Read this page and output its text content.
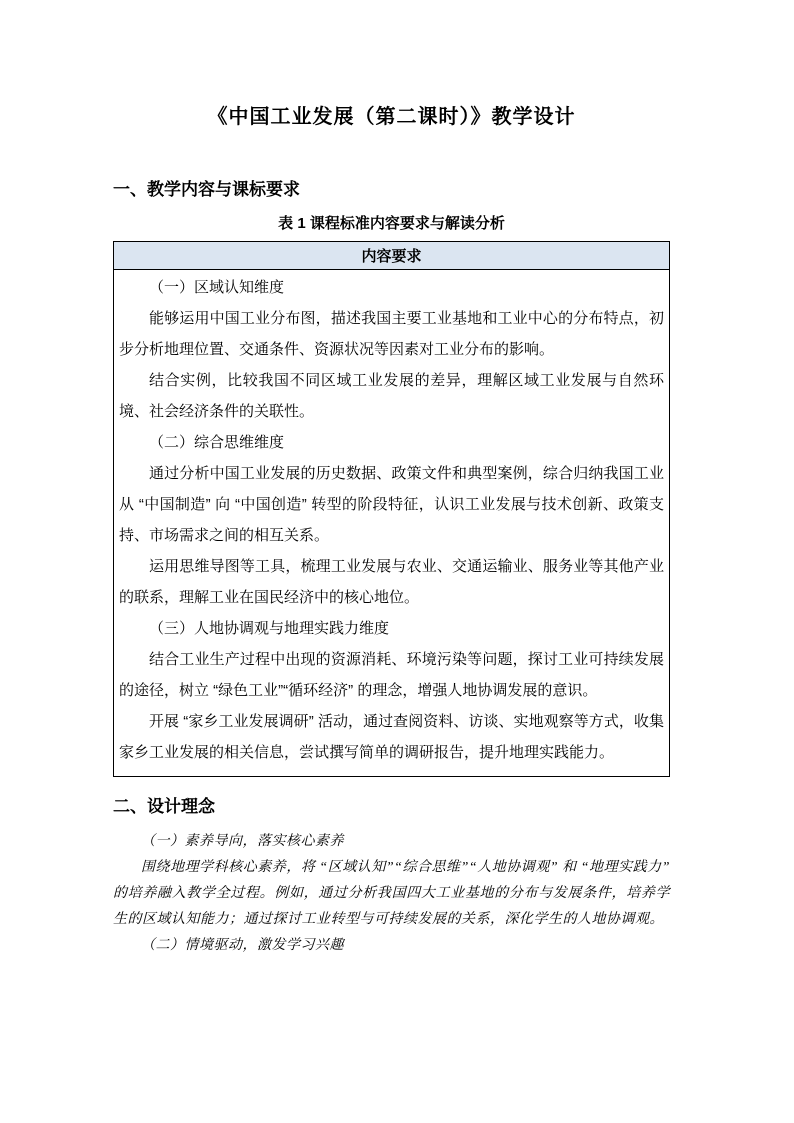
《中国工业发展（第二课时）》教学设计
一、教学内容与课标要求
表 1 课程标准内容要求与解读分析
内容要求

（一）区域认知维度

能够运用中国工业分布图，描述我国主要工业基地和工业中心的分布特点，初步分析地理位置、交通条件、资源状况等因素对工业分布的影响。

结合实例，比较我国不同区域工业发展的差异，理解区域工业发展与自然环境、社会经济条件的关联性。

（二）综合思维维度

通过分析中国工业发展的历史数据、政策文件和典型案例，综合归纳我国工业从 “中国制造” 向 “中国创造” 转型的阶段特征，认识工业发展与技术创新、政策支持、市场需求之间的相互关系。

运用思维导图等工具，梳理工业发展与农业、交通运输业、服务业等其他产业的联系，理解工业在国民经济中的核心地位。

（三）人地协调观与地理实践力维度

结合工业生产过程中出现的资源消耗、环境污染等问题，探讨工业可持续发展的途径，树立 “绿色工业”“循环经济” 的理念，增强人地协调发展的意识。

开展 “家乡工业发展调研” 活动，通过查阅资料、访谈、实地观察等方式，收集家乡工业发展的相关信息，尝试撰写简单的调研报告，提升地理实践能力。

二、设计理念

（一）素养导向，落实核心素养

围绕地理学科核心素养，将 “区域认知”“综合思维”“人地协调观” 和 “地理实践力” 的培养融入教学全过程。例如，通过分析我国四大工业基地的分布与发展条件，培养学生的区域认知能力；通过探讨工业转型与可持续发展的关系，深化学生的人地协调观。

（二）情境驱动，激发学习兴趣
